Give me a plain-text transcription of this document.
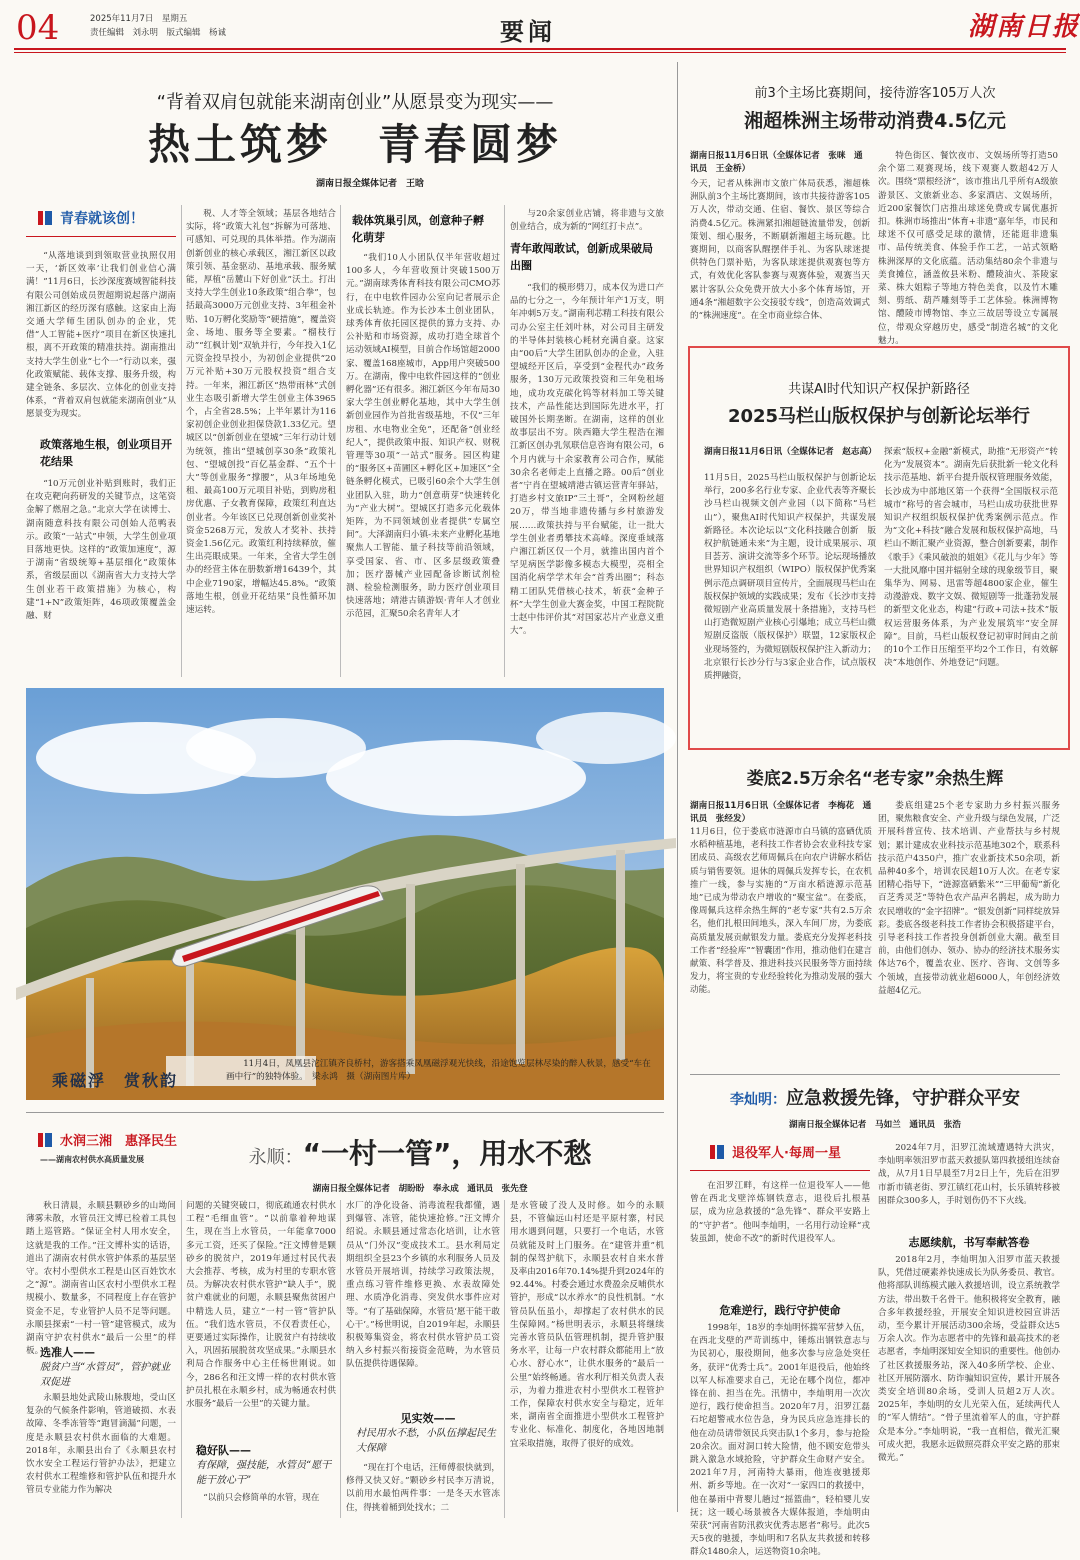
04	2025年11月7日　星期五
责任编辑　刘永明　版式编辑　杨诚	要闻	湖南日报
“背着双肩包就能来湖南创业”从愿景变为现实——
热土筑梦　青春圆梦
湖南日报全媒体记者　王晗
青春就该创！
“从落地谈到到领取营业执照仅用一天，‘新区效率’让我们创业信心满满！”11月6日，长沙深度赛域智能科技有限公司创始成员贺超期说起落户湖南湘江新区的经历深有感触。这家由上海交通大学师生团队创办的企业，凭借“人工智能+医疗”项目在新区快速扎根，离不开政策的精准扶持。湖南推出支持大学生创业“七个一”行动以来，强化政策赋能、载体支撑、服务升级，构建全链条、多层次、立体化的创业支持体系，“背着双肩包就能来湖南创业”从愿景变为现实。
政策落地生根，创业项目开花结果
“10万元创业补贴到账时，我们正在攻克靶向药研发的关键节点，这笔资金解了燃眉之急。”北京大学在读博士、湖南随意科技有限公司创始人范鸭表示。政策“一站式”申领，大学生创业项目落地更快。这样的“政策加速度”，源于湖南“省级统筹+基层细化”政策体系，省级层面以《湖南省大力支持大学生创业若干政策措施》为核心，构建“1+N”政策矩阵，46项政策覆盖金融、财
税、人才等全领域；基层各地结合实际，将“政策大礼包”拆解为可落地、可感知、可兑现的具体举措。作为湖南创新创业的核心承载区，湘江新区以政策引领、基金驱动、基地承载、服务赋能，厚植“岳麓山下好创业”沃土。打出支持大学生创业10条政策“组合拳”，包括最高3000万元创业支持、3年租金补贴、10万孵化奖励等“硬措施”，覆盖资金、场地、服务等全要素。“榴枝行动”“红枫计划”双轨并行，今年投入1亿元资金投早投小，为初创企业提供“20万元补贴+30万元股权投资”组合支持。一年来，湘江新区“热带雨林”式创业生态吸引新增大学生创业主体3965个，占全省28.5%；上半年累计为116家初创企业创业担保贷款1.33亿元。望城区以“创新创业在望城”三年行动计划为统领，推出“望城创享30条”政策礼包、“望城创投”百亿基金群、“五个十大”等创业服务“撑腰”，从3年场地免租、最高100万元项目补贴，到购房租房优惠、子女教育保障，政策红利直达创业者。今年该区已兑现创新创业奖补资金5268万元，发放人才奖补、扶持资金1.56亿元。政策红利持续释放，催生出亮眼成果。一年来，全省大学生创办的经营主体在册数新增16439个，其中企业7190家，增幅达45.8%。“政策落地生根，创业开花结果”良性循环加速运转。
载体筑巢引凤，创意种子孵化萌芽
“我们10人小团队仅半年营收超过100多人，今年营收预计突破1500万元。”湖南球秀体育科技有限公司CMO苏行，在中电软件园办公室向记者展示企业成长轨迹。作为长沙本土创业团队，球秀体育依托园区提供的算力支持、办公补贴和市场资源，成功打造全球首个运动领域AI模型，目前合作场馆超2000家、覆盖168座城市，App用户突破500万。在湖南，像中电软件园这样的“创业孵化器”还有很多。湘江新区今年布局30家大学生创业孵化基地，其中大学生创新创业园作为首批省级基地，不仅“三年房租、水电物业全免”，还配备“创业经纪人”，提供政策申报、知识产权、财税管理等30项“一站式”服务。园区构建的“服务区+苗圃区+孵化区+加速区”全链条孵化模式，已吸引60余个大学生创业团队入驻，助力“创意萌芽”快速转化为“产业大树”。望城区打造多元化载体矩阵，为不同领域创业者提供“专属空间”。大泽湖南归小镇-未来产业孵化基地聚焦人工智能、量子科技等前沿领域，享受国家、省、市、区多层级政策叠加；医疗器械产业园配备诊断试剂检测、检验检测服务，助力医疗创业项目快速落地；靖港古镇游娱·青年人才创业示范园，汇聚50余名青年人才
与20余家创业店铺，将非遗与文旅创业结合，成为新的“网红打卡点”。
青年敢闯敢试，创新成果破局出圈
“我们的模形劈刀，成本仅为进口产品的七分之一，今年预计年产1万支，明年冲刺5万支。”湖南利芯精工科技有限公司办公室主任刘叶林，对公司目主研发的半导体封装核心耗材充满自豪。这家由“00后”大学生团队创办的企业，入驻望城经开区后，享受到“金程代办”政务服务，130万元政策投资和三年免租场地，成功攻克碳化钨等材料加工等关键技术，产品性能达到国际先进水平，打破国外长期垄断。在湖南，这样的创业故事层出不穷。陕西籍大学生程浩在湘江新区创办乳氖联信息咨询有限公司，6个月内就与十余家教育公司合作，赋能30余名老师走上直播之路。00后“创业者”宁肖在望城靖港古镇运营青年驿站，打造乡村文旅IP“三土哥”，全网粉丝超20万，带当地非遗传播与乡村旅游发展……政策扶持与平台赋能，让一批大学生创业者勇攀技术高峰。深度垂域落户湘江新区仅一个月，就推出国内首个罕见病医学影像多模态大模型，亮相全国消化病学学术年会“首秀出圈”；科态精工团队凭借核心技术，斩获“金种子杯”大学生创业大赛金奖，中国工程院院士赵中伟评价其“对国家芯片产业意义重大”。
乘磁浮　赏秋韵
11月4日，凤凰县沱江镇齐良桥村，游客搭乘凤凰磁浮观光快线，沿途饱览层林尽染的醉人秋景，感受“车在画中行”的独特体验。　梁永鸿　摄（湖南图片库）
前3个主场比赛期间，接待游客105万人次
湘超株洲主场带动消费4.5亿元
湖南日报11月6日讯（全媒体记者　张咪　通讯员　王金桥）
今天，记者从株洲市文旅广体局获悉，湘超株洲队前3个主场比赛期间，该市共接待游客105万人次，带动交通、住宿、餐饮、景区等综合消费4.5亿元。株洲紧扣湘超链流量带发，创新策划、细心服务，不断刷新湘超主场玩趣。比赛期间，以商客队醒摆伴手礼、为客队球迷提供特色门票补贴，为客队球迷提供观赛包等方式，有效优化客队参赛与观赛体验，观赛当天累计客队公众免费开放大小多个体育场馆，开通4条“湘超数字公交接驳专线”，创造高效调式的“株洲速度”。在全市商业综合体、
特色街区、餐饮夜市、文娱场所等打造50余个第二观赛现场，线下观赛人数超42万人次。围绕“票根经济”，该市推出几乎所有A级旅游景区、文旅新业态、多家酒店、文娱场所，近200家餐饮门店推出球迷免费或专属优惠折扣。株洲市场推出“体育+非遗”嘉年华，市民和球迷不仅可感受足球的激情，还能逛非遗集市、品传统美食、体验手作工艺，一站式领略株洲深厚的文化底蕴。活动集结80余个非遗与美食摊位，涵盖攸县米粉、醴陵油火、茶陵家菜、株大姐粽子等地方特色美食，以及竹木雕刻、剪纸、葫芦雕刻等手工艺体验。株洲博物馆、醴陵市博物馆、李立三故居等设立专属展位，带观众穿越历史，感受“制造名城”的文化魅力。
共谋AI时代知识产权保护新路径
2025马栏山版权保护与创新论坛举行
湖南日报11月6日讯（全媒体记者　赵志高）
11月5日，2025马栏山版权保护与创新论坛举行，200多名行业专家、企业代表等齐聚长沙马栏山视频文创产业园（以下简称“马栏山”），聚焦AI时代知识产权保护，共谋发展新路径。本次论坛以“文化科技融合创新　版权护航链通未来”为主题，设计成果展示、项目荟芳、演讲交流等多个环节。论坛现场播放世界知识产权组织（WIPO）版权保护优秀案例示范点调研项目宣传片，全面展现马栏山在版权保护领域的实践成果；发布《长沙市支持微短剧产业高质量发展十条措施》，支持马栏山打造微短剧产业核心引爆地；成立马栏山微短剧反盗版（版权保护）联盟，12家版权企业现场签约，为微短剧版权保护注入新动力；北京银行长沙分行与3家企业合作，试点版权质押融资，
探索“版权+金融”新模式，助推“无形资产”转化为“发展资本”。湖南先后获批新一轮文化科技示范基地、新平台提升版权管理服务效能，长沙成为中部地区第一个获得“全国版权示范城市”称号的省会城市，马栏山成功获批世界知识产权组织版权保护优秀案例示范点。作为“文化+科技”融合发展和版权保护高地，马栏山不断汇聚产业资源，整合创新要素，制作《歌手》《乘风破浪的姐姐》《花儿与少年》等一大批风靡中国并辐射全球的现象级节目，聚集华为、网易、迅雷等超4800家企业，催生动漫游戏、数字文娱、微短剧等一批蓬勃发展的新型文化业态，构建“行政+司法+技术”版权运营服务体系，为产业发展筑牢“安全屏障”。目前，马栏山版权登记初审时间由之前的10个工作日压缩至平均2个工作日，有效解决“本地创作、外地登记”问题。
娄底2.5万余名“老专家”余热生辉
湖南日报11月6日讯（全媒体记者　李梅花　通讯员　张经发）
11月6日，位于娄底市涟源市白马镇的富硒优质水稻种植基地，老科技工作者协会农业科技专家团成员、高级农艺师周佩兵在向农户讲解水稻估质与销售要领。退休的周佩兵发挥专长，在农机推广一线，参与实施的“万亩水稻涟源示范基地”已成为带动农户增收的“聚宝盆”。在娄底，像周佩兵这样余热生辉的“老专家”共有2.5万余名，他们扎根田间地头，深入车间厂房，为娄底高质量发展贡献银发力量。娄底充分发挥老科技工作者“经验库”“智囊团”作用，推动他们在建言献策、科学普及、推进科技兴民服务等方面持续发力，将宝贵的专业经验转化为推动发展的强大动能。
娄底组建25个老专家助力乡村振兴服务团，聚焦粮食安全、产业升级与绿色发展，广泛开展科普宣传、技术培训、产业帮扶与乡村规划；累计建成农业科技示范基地302个，联系科技示范户4350户，推广农业新技术50余项，新品种40多个，培训农民超10万人次。在老专家团精心指导下，“涟源富硒紫米”“三甲葡萄”新化百芝秀灵芝”等特色农产品声名鹊起，成为助力农民增收的“金字招牌”。“银发创新”同样绽放异彩。娄底各级老科技工作者协会积极搭建平台，引导老科技工作者投身创新创业大潮。截至目前，由他们创办、领办、协办的经济技术服务实体达76个，覆盖农业、医疗、咨询、文创等多个领域，直接带动就业超6000人，年创经济效益超4亿元。
李灿明：应急救援先锋，守护群众平安
湖南日报全媒体记者　马如兰　通讯员　张浩
退役军人·每周一星
在汨罗江畔，有这样一位退役军人——他曾在西北戈壁淬炼钢铁意志，退役后扎根基层，成为应急救援的“急先锋”、群众平安路上的“守护者”。他叫李灿明，一名用行动诠释“戎装虽卸，使命不改”的新时代退役军人。
危难逆行，践行守护使命
1998年，18岁的李灿明怀揣军营梦入伍，在西北戈壁的严苛训练中，锤炼出钢铁意志与为民初心，服役期间，他多次参与应急处突任务，获评“优秀士兵”。2001年退役后，他始终以军人标准要求自己，无论在哪个岗位，都冲锋在前、担当在先。汛情中，李灿明用一次次逆行，践行使命担当。2020年7月，汨罗江磊石坨超警戒水位告急，身为民兵应急连排长的他在动员请带领民兵突击队1个多月，参与抢险20余次。面对洞口转大险情，他不顾安危带头跳入激急水域抢险，守护群众生命财产安全。2021年7月，河南特大暴雨，他连夜驰援郑州、新乡等地。在一次对“一家四口的救援中，他在暴雨中背婴儿趟过“摇篮曲”，轻柏婴儿安抚；这一暖心场景被各大媒体报道，李灿明由荣获“河南省防汛救灾优秀志愿者”称号。此次5天5夜的驰援，李灿明和7名队友共救援和转移群众1480余人，运送物资10余吨。
2024年7月，汨罗江流域遭遇特大洪灾，李灿明率领汨罗市蓝天救援队第四救援组连续奋战，从7月1日早晨至7月2日上午，先后在汨罗市新市镇老街、罗江镇红花山村，长乐镇转移被困群众300多人，手时划伤仍不下火线。
志愿续航，书写奉献答卷
2018年2月，李灿明加入汨罗市蓝天救援队，凭借过硬素养快速成长为队务委员、教官。他将部队训练模式融入救援培训，设立系统教学方法，带出数千名骨干。他积极将安全教育，融合多年救援经验，开展安全知识进校园宣讲活动，至今累计开展活动300余场，受益群众达5万余人次。作为志愿者中的先锋和最高技术的老志愿者，李灿明深知安全知识的重要性。他创办了社区救援服务站，深入40多所学校、企业、社区开展防溺水、防诈骗知识宣传，累计开展各类安全培训80余场，受训人员超2万人次。2025年，李灿明的女儿光荣入伍，延续两代人的“军人情结”。“骨子里流着军人的血，守护群众是本分。”李灿明说，“我一直相信，微光汇聚可成火把，我愿永远做照亮群众平安之路的那束微光。”
水润三湘　惠泽民生
——湖南农村供水高质量发展	永顺：“一村一管”，用水不愁
湖南日报全媒体记者　胡盼盼　奉永成　通讯员　张先登
秋日清晨，永顺县颗砂乡的山坳间薄雾未散，水管员汪文博已检着工具包踏上巡管路。“保证全村人用水安全，这就是我的工作。”汪文博朴实的话语，道出了湖南农村供水管护体系的基层坚守。农村小型供水工程是山区百姓饮水之“源”。湖南省山区农村小型供水工程规模小、数量多，不同程度上存在管护资金不足，专业管护人员不足等问题。永顺县探索“一村一管”建管模式，成为湖南守护农村供水“最后一公里”的样板。
选准人——
脱贫户当“水管员”，管护就业双促进
永顺县地处武陵山脉腹地，受山区复杂的气候条件影响，管道破损、水表故障、冬季冻管等“跑冒滴漏”问题，一度是永顺县农村供水面临的大难题。2018年，永顺县出台了《永顺县农村饮水安全工程运行管护办法》，把建立农村供水工程维修和管护队伍和提升水管员专业能力作为解决
问题的关键突破口，彻底疏通农村供水工程“毛细血管”。“以前靠着种地谋生，现在当上水管员，一年能拿7000多元工资，还买了保险。”汪文博曾是颗砂乡的脱贫户，2019年通过村民代表大会推荐、考核，成为村里的专职水管员。为解决农村供水管护“缺人手”，脱贫户难就业的问题，永顺县聚焦贫困户中精选人员，建立“一村一管”管护队伍。“我们选水管员，不仅看责任心，更要通过实际操作，让脱贫户有持续收入，巩固拓展脱贫攻坚成果。”永顺县水利局合作服务中心主任杨世刚说。如今，286名和汪文博一样的农村供水管护员扎根在永顺乡村，成为畅通农村供水服务“最后一公里”的关键力量。
稳好队——
有保障，强技能，水管员“愿干能干放心干”
“以前只会修简单的水管，现在
水厂的净化设备、消毒流程我都懂，遇到爆管、冻管，能快速抢修。”汪文博介绍说。永顺县通过常态化培训，让水管员从“门外汉”变成技术工。县水利局定期组织全县23个乡镇的水利服务人员及水管员开展培训，持续学习政策法规，重点练习管件维修更换、水表故障处理、水质净化消毒、突发供水事件应对等。“有了基础保障，水管员‘愿干能干敢心干’。”杨世明说，自2019年起，永顺县积极筹集资金，将农村供水管护员工资纳入乡村振兴衔接资金范畴，为水管员队伍提供待遇保障。
见实效——
村民用水不愁，小队伍撑起民生大保障
“现在打个电话，汪师傅很快就到，修得又快又好。”颗砂乡村民李万清说，以前用水最怕两件事：一是冬天水管冻住，得挑着桶到处找水；二
是水管破了没人及时修。如今的永顺县，不管偏远山村还是平原村寨，村民用水遇到问题，只要打一个电话，水管员就能及时上门服务。在“建管并重”机制的保驾护航下，永顺县农村自来水普及率由2016年70.14%提升到2024年的92.44%。村委会通过水费盈余反哺供水管护，形成“以水养水”的良性机制。“水管员队伍虽小，却撑起了农村供水的民生保障网。”杨世明表示，永顺县将继续完善水管员队伍管理机制，提升管护服务水平，让每一户农村群众都能用上“放心水、舒心水”，让供水服务的“最后一公里”始终畅通。省水利厅相关负责人表示，为着力推进农村小型供水工程管护工作，保障农村供水安全与稳定，近年来，湖南省全面推进小型供水工程管护专业化、标准化、制度化，各地因地制宜采取措施，取得了很好的成效。
